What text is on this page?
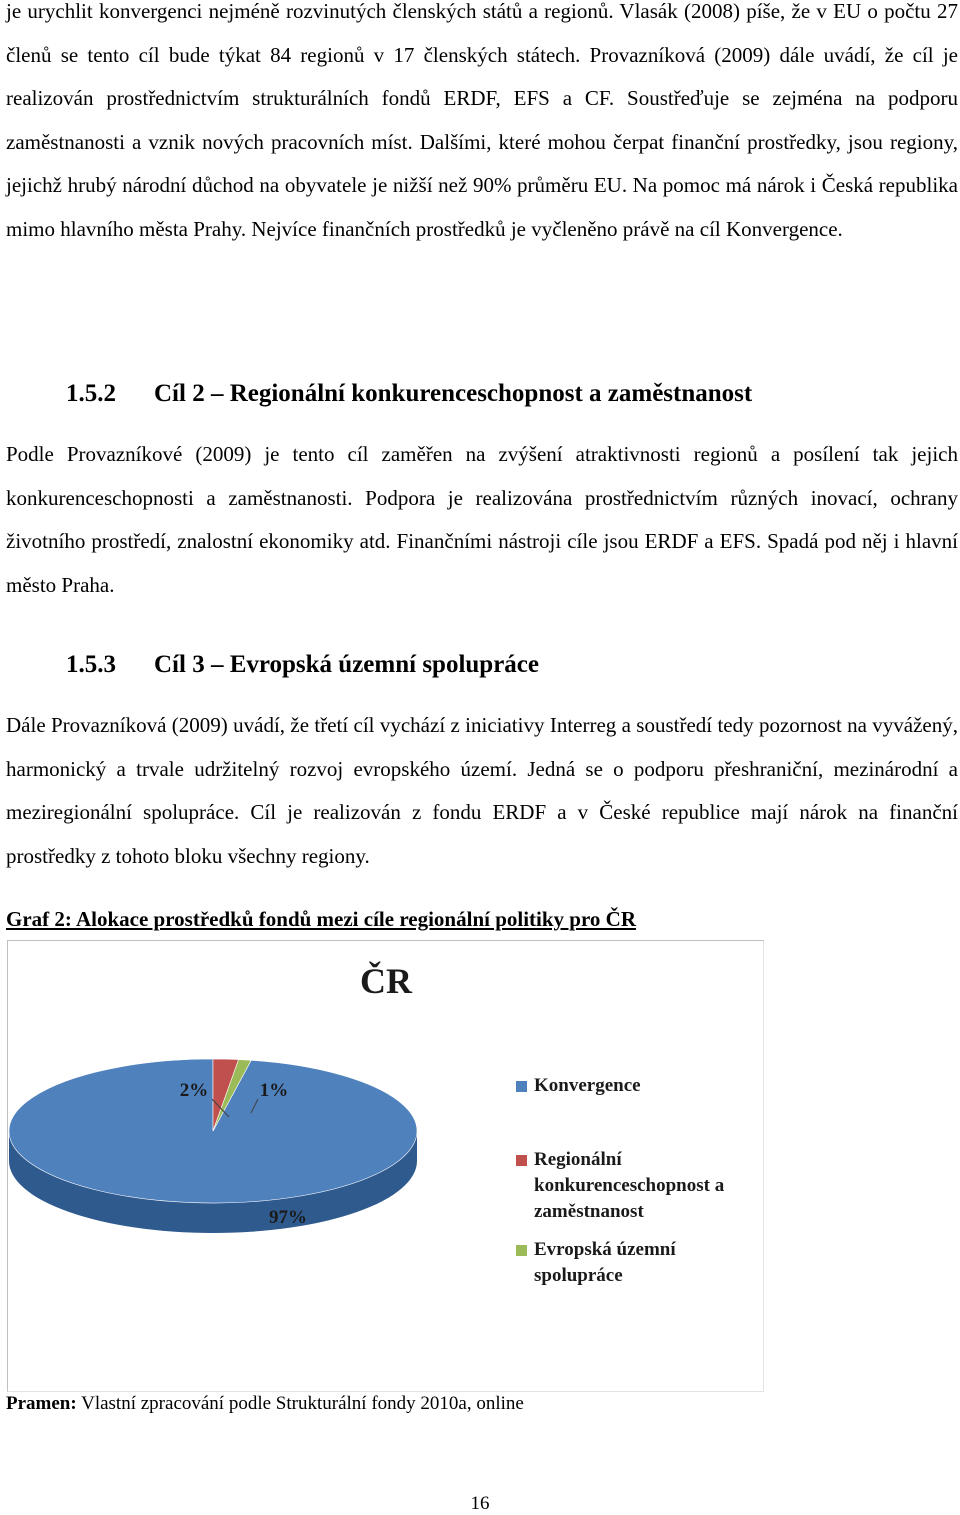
je urychlit konvergenci nejméně rozvinutých členských států a regionů. Vlasák (2008) píše, že v EU o počtu 27 členů se tento cíl bude týkat 84 regionů v 17 členských státech. Provazníková (2009) dále uvádí, že cíl je realizován prostřednictvím strukturálních fondů ERDF, EFS a CF. Soustřeďuje se zejména na podporu zaměstnanosti a vznik nových pracovních míst. Dalšími, které mohou čerpat finanční prostředky, jsou regiony, jejichž hrubý národní důchod na obyvatele je nižší než 90% průměru EU. Na pomoc má nárok i Česká republika mimo hlavního města Prahy. Nejvíce finančních prostředků je vyčleněno právě na cíl Konvergence.

1.5.2 Cíl 2 – Regionální konkurenceschopnost a zaměstnanost

Podle Provazníkové (2009) je tento cíl zaměřen na zvýšení atraktivnosti regionů a posílení tak jejich konkurenceschopnosti a zaměstnanosti. Podpora je realizována prostřednictvím různých inovací, ochrany životního prostředí, znalostní ekonomiky atd. Finančními nástroji cíle jsou ERDF a EFS. Spadá pod něj i hlavní město Praha.

1.5.3 Cíl 3 – Evropská územní spolupráce

Dále Provazníková (2009) uvádí, že třetí cíl vychází z iniciativy Interreg a soustředí tedy pozornost na vyvážený, harmonický a trvale udržitelný rozvoj evropského území. Jedná se o podporu přeshraniční, mezinárodní a meziregionální spolupráce. Cíl je realizován z fondu ERDF a v České republice mají nárok na finanční prostředky z tohoto bloku všechny regiony.

Graf 2: Alokace prostředků fondů mezi cíle regionální politiky pro ČR

ČR
97%
2%	1%	Konvergence
Regionální
konkurenceschopnost a
zaměstnanost
Evropská územní
spolupráce

Pramen: Vlastní zpracování podle Strukturální fondy 2010a, online

16
